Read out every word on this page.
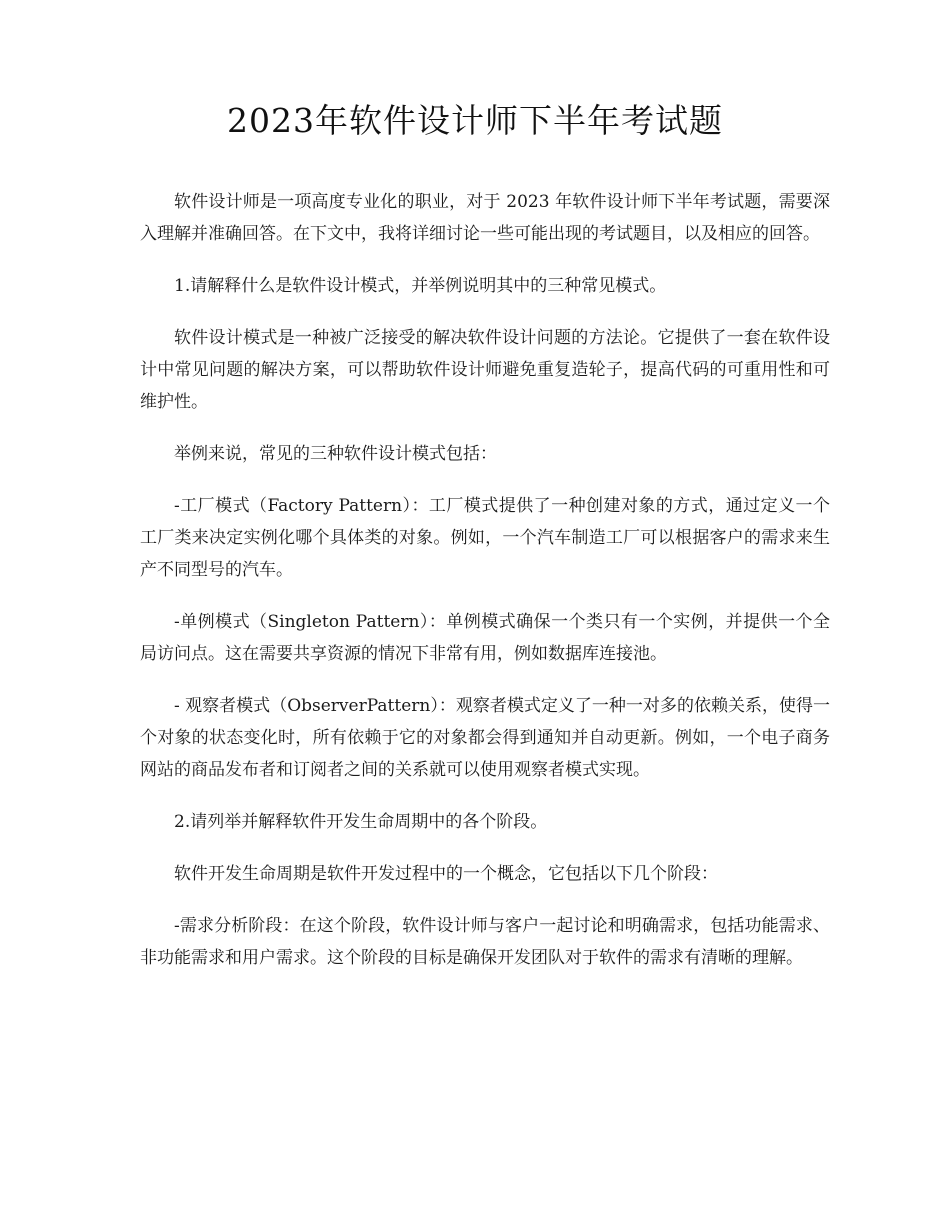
2023年软件设计师下半年考试题

软件设计师是一项高度专业化的职业，对于 2023 年软件设计师下半年考试题，需要深入理解并准确回答。在下文中，我将详细讨论一些可能出现的考试题目，以及相应的回答。

1.请解释什么是软件设计模式，并举例说明其中的三种常见模式。

软件设计模式是一种被广泛接受的解决软件设计问题的方法论。它提供了一套在软件设计中常见问题的解决方案，可以帮助软件设计师避免重复造轮子，提高代码的可重用性和可维护性。

举例来说，常见的三种软件设计模式包括：

-工厂模式（Factory Pattern）：工厂模式提供了一种创建对象的方式，通过定义一个工厂类来决定实例化哪个具体类的对象。例如，一个汽车制造工厂可以根据客户的需求来生产不同型号的汽车。

-单例模式（Singleton Pattern）：单例模式确保一个类只有一个实例，并提供一个全局访问点。这在需要共享资源的情况下非常有用，例如数据库连接池。

- 观察者模式（ObserverPattern）：观察者模式定义了一种一对多的依赖关系，使得一个对象的状态变化时，所有依赖于它的对象都会得到通知并自动更新。例如，一个电子商务网站的商品发布者和订阅者之间的关系就可以使用观察者模式实现。

2.请列举并解释软件开发生命周期中的各个阶段。

软件开发生命周期是软件开发过程中的一个概念，它包括以下几个阶段：

-需求分析阶段：在这个阶段，软件设计师与客户一起讨论和明确需求，包括功能需求、非功能需求和用户需求。这个阶段的目标是确保开发团队对于软件的需求有清晰的理解。
